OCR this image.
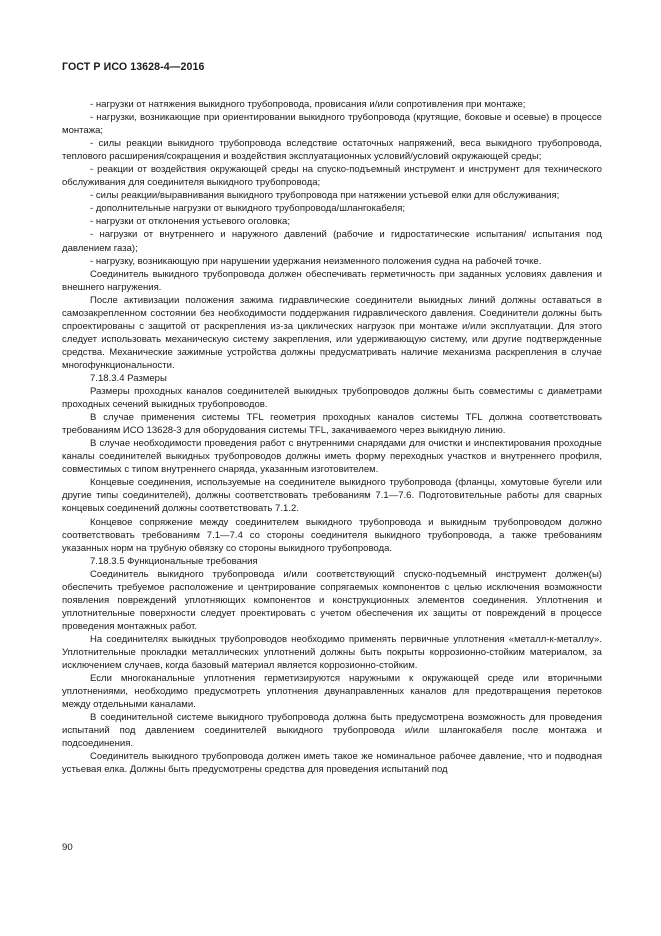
ГОСТ Р ИСО 13628-4—2016

- нагрузки от натяжения выкидного трубопровода, провисания и/или сопротивления при монтаже;

- нагрузки, возникающие при ориентировании выкидного трубопровода (крутящие, боковые и осевые) в процессе монтажа;

- силы реакции выкидного трубопровода вследствие остаточных напряжений, веса выкидного трубопровода, теплового расширения/сокращения и воздействия эксплуатационных условий/условий окружающей среды;

- реакции от воздействия окружающей среды на спуско-подъемный инструмент и инструмент для технического обслуживания для соединителя выкидного трубопровода;

- силы реакции/выравнивания выкидного трубопровода при натяжении устьевой елки для обслуживания;

- дополнительные нагрузки от выкидного трубопровода/шлангокабеля;

- нагрузки от отклонения устьевого оголовка;

- нагрузки от внутреннего и наружного давлений (рабочие и гидростатические испытания/ испытания под давлением газа);

- нагрузку, возникающую при нарушении удержания неизменного положения судна на рабочей точке.

Соединитель выкидного трубопровода должен обеспечивать герметичность при заданных условиях давления и внешнего нагружения.

После активизации положения зажима гидравлические соединители выкидных линий должны оставаться в самозакрепленном состоянии без необходимости поддержания гидравлического давления. Соединители должны быть спроектированы с защитой от раскрепления из-за циклических нагрузок при монтаже и/или эксплуатации. Для этого следует использовать механическую систему закрепления, или удерживающую систему, или другие подтвержденные средства. Механические зажимные устройства должны предусматривать наличие механизма раскрепления в случае многофункциональности.

7.18.3.4 Размеры

Размеры проходных каналов соединителей выкидных трубопроводов должны быть совместимы с диаметрами проходных сечений выкидных трубопроводов.

В случае применения системы TFL геометрия проходных каналов системы TFL должна соответствовать требованиям ИСО 13628-3 для оборудования системы TFL, закачиваемого через выкидную линию.

В случае необходимости проведения работ с внутренними снарядами для очистки и инспектирования проходные каналы соединителей выкидных трубопроводов должны иметь форму переходных участков и внутреннего профиля, совместимых с типом внутреннего снаряда, указанным изготовителем.

Концевые соединения, используемые на соединителе выкидного трубопровода (фланцы, хомутовые бугели или другие типы соединителей), должны соответствовать требованиям 7.1—7.6. Подготовительные работы для сварных концевых соединений должны соответствовать 7.1.2.

Концевое сопряжение между соединителем выкидного трубопровода и выкидным трубопроводом должно соответствовать требованиям 7.1—7.4 со стороны соединителя выкидного трубопровода, а также требованиям указанных норм на трубную обвязку со стороны выкидного трубопровода.

7.18.3.5 Функциональные требования

Соединитель выкидного трубопровода и/или соответствующий спуско-подъемный инструмент должен(ы) обеспечить требуемое расположение и центрирование сопрягаемых компонентов с целью исключения возможности появления повреждений уплотняющих компонентов и конструкционных элементов соединения. Уплотнения и уплотнительные поверхности следует проектировать с учетом обеспечения их защиты от повреждений в процессе проведения монтажных работ.

На соединителях выкидных трубопроводов необходимо применять первичные уплотнения «металл-к-металлу». Уплотнительные прокладки металлических уплотнений должны быть покрыты коррозионно-стойким материалом, за исключением случаев, когда базовый материал является коррозионно-стойким.

Если многоканальные уплотнения герметизируются наружными к окружающей среде или вторичными уплотнениями, необходимо предусмотреть уплотнения двунаправленных каналов для предотвращения перетоков между отдельными каналами.

В соединительной системе выкидного трубопровода должна быть предусмотрена возможность для проведения испытаний под давлением соединителей выкидного трубопровода и/или шлангокабеля после монтажа и подсоединения.

Соединитель выкидного трубопровода должен иметь такое же номинальное рабочее давление, что и подводная устьевая елка. Должны быть предусмотрены средства для проведения испытаний под

90
